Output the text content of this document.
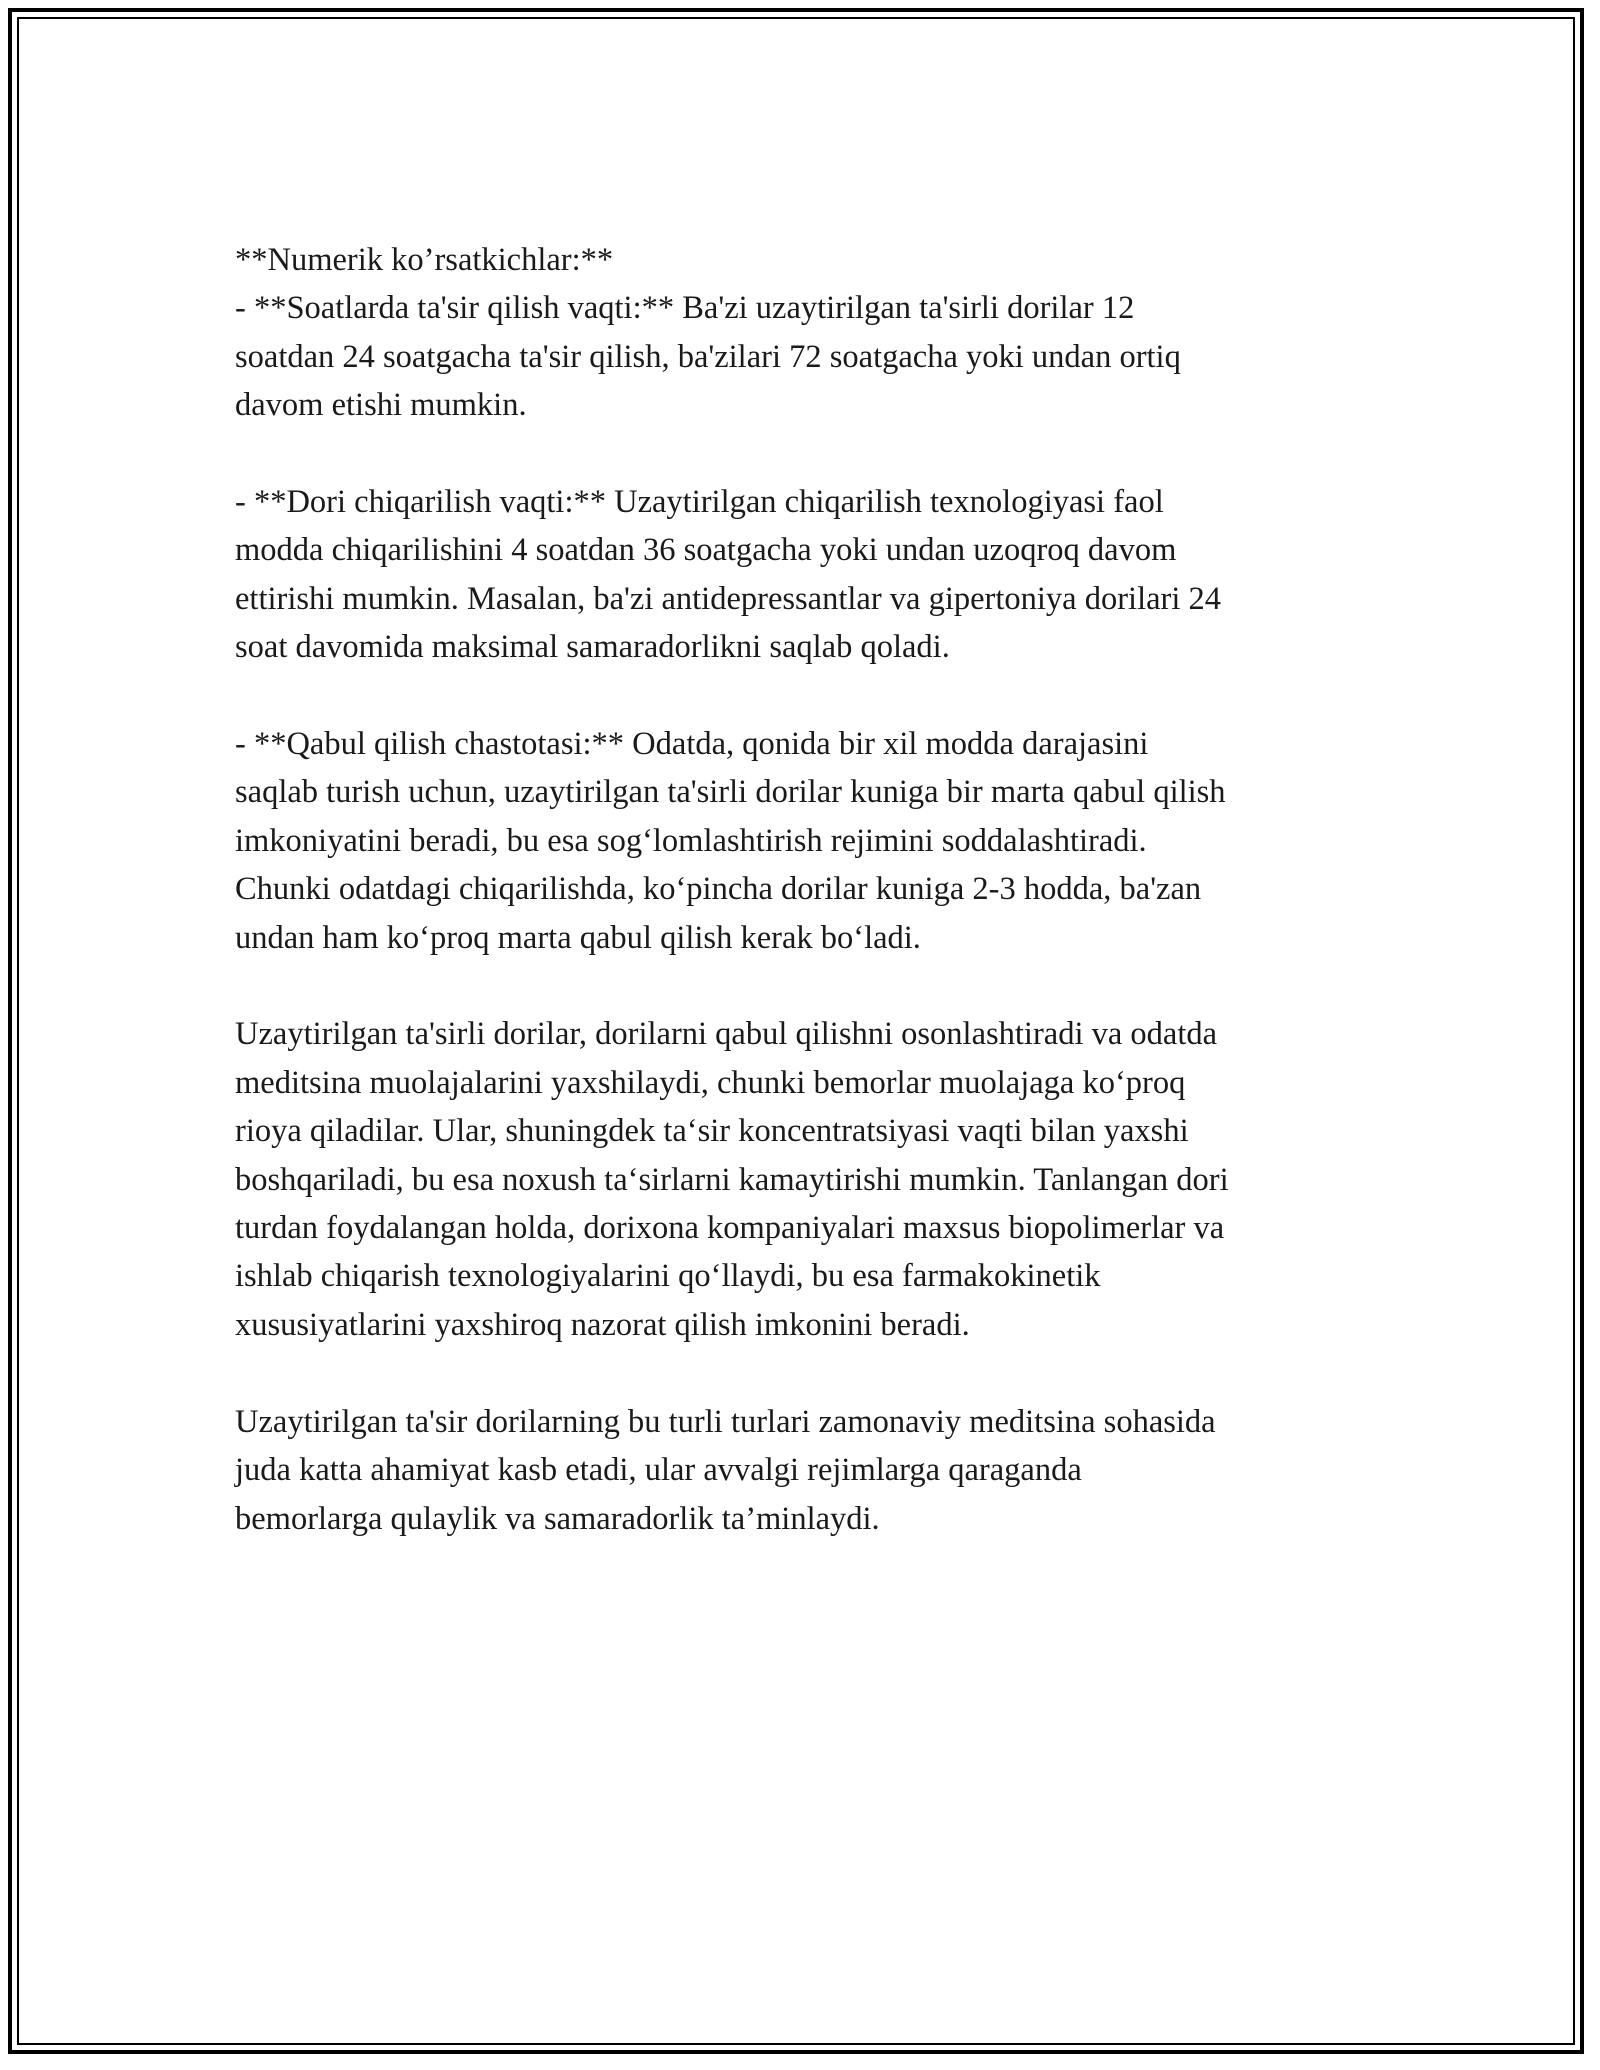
**Numerik ko’rsatkichlar:**
- **Soatlarda ta'sir qilish vaqti:** Ba'zi uzaytirilgan ta'sirli dorilar 12
soatdan 24 soatgacha ta'sir qilish, ba'zilari 72 soatgacha yoki undan ortiq
davom etishi mumkin.
- **Dori chiqarilish vaqti:** Uzaytirilgan chiqarilish texnologiyasi faol
modda chiqarilishini 4 soatdan 36 soatgacha yoki undan uzoqroq davom
ettirishi mumkin. Masalan, ba'zi antidepressantlar va gipertoniya dorilari 24
soat davomida maksimal samaradorlikni saqlab qoladi.
- **Qabul qilish chastotasi:** Odatda, qonida bir xil modda darajasini
saqlab turish uchun, uzaytirilgan ta'sirli dorilar kuniga bir marta qabul qilish
imkoniyatini beradi, bu esa sog‘lomlashtirish rejimini soddalashtiradi.
Chunki odatdagi chiqarilishda, ko‘pincha dorilar kuniga 2-3 hodda, ba'zan
undan ham ko‘proq marta qabul qilish kerak bo‘ladi.
Uzaytirilgan ta'sirli dorilar, dorilarni qabul qilishni osonlashtiradi va odatda
meditsina muolajalarini yaxshilaydi, chunki bemorlar muolajaga ko‘proq
rioya qiladilar. Ular, shuningdek ta‘sir koncentratsiyasi vaqti bilan yaxshi
boshqariladi, bu esa noxush ta‘sirlarni kamaytirishi mumkin. Tanlangan dori
turdan foydalangan holda, dorixona kompaniyalari maxsus biopolimerlar va
ishlab chiqarish texnologiyalarini qo‘llaydi, bu esa farmakokinetik
xususiyatlarini yaxshiroq nazorat qilish imkonini beradi.
Uzaytirilgan ta'sir dorilarning bu turli turlari zamonaviy meditsina sohasida
juda katta ahamiyat kasb etadi, ular avvalgi rejimlarga qaraganda
bemorlarga qulaylik va samaradorlik ta’minlaydi.
